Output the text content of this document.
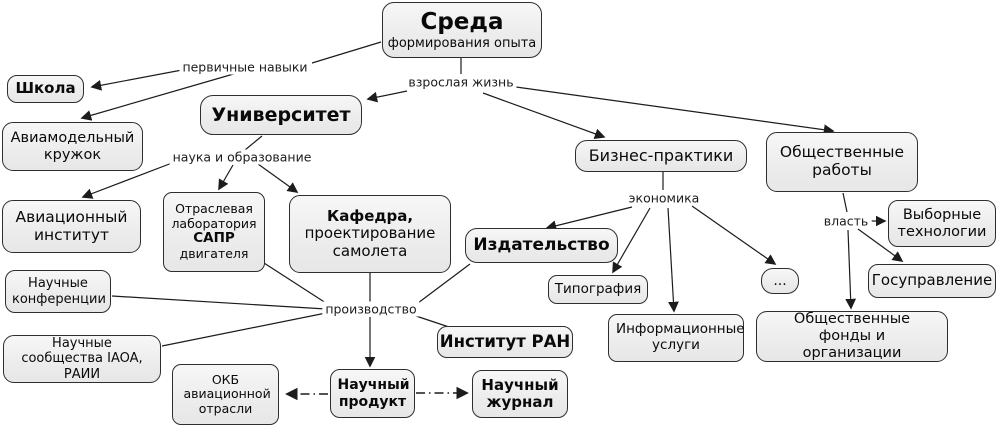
Среда
формирования опыта
Школа
Университет
Авиамодельный кружок
Авиационный институт
Отраслевая лаборатория
САПР
двигателя
Кафедра,
проектирование самолета
Научные конференции
Научные сообщества IAOA, РАИИ	ОКБ авиационной отрасли
Научный продукт
Научный журнал
Институт РАН
Издательство
Бизнес-практики
Типография
Информационные услуги
...
Общественные работы
Выборные технологии
Госуправление
Общественные фонды и организации
первичные навыки
взрослая жизнь
наука и образование
экономика
власть
производство
